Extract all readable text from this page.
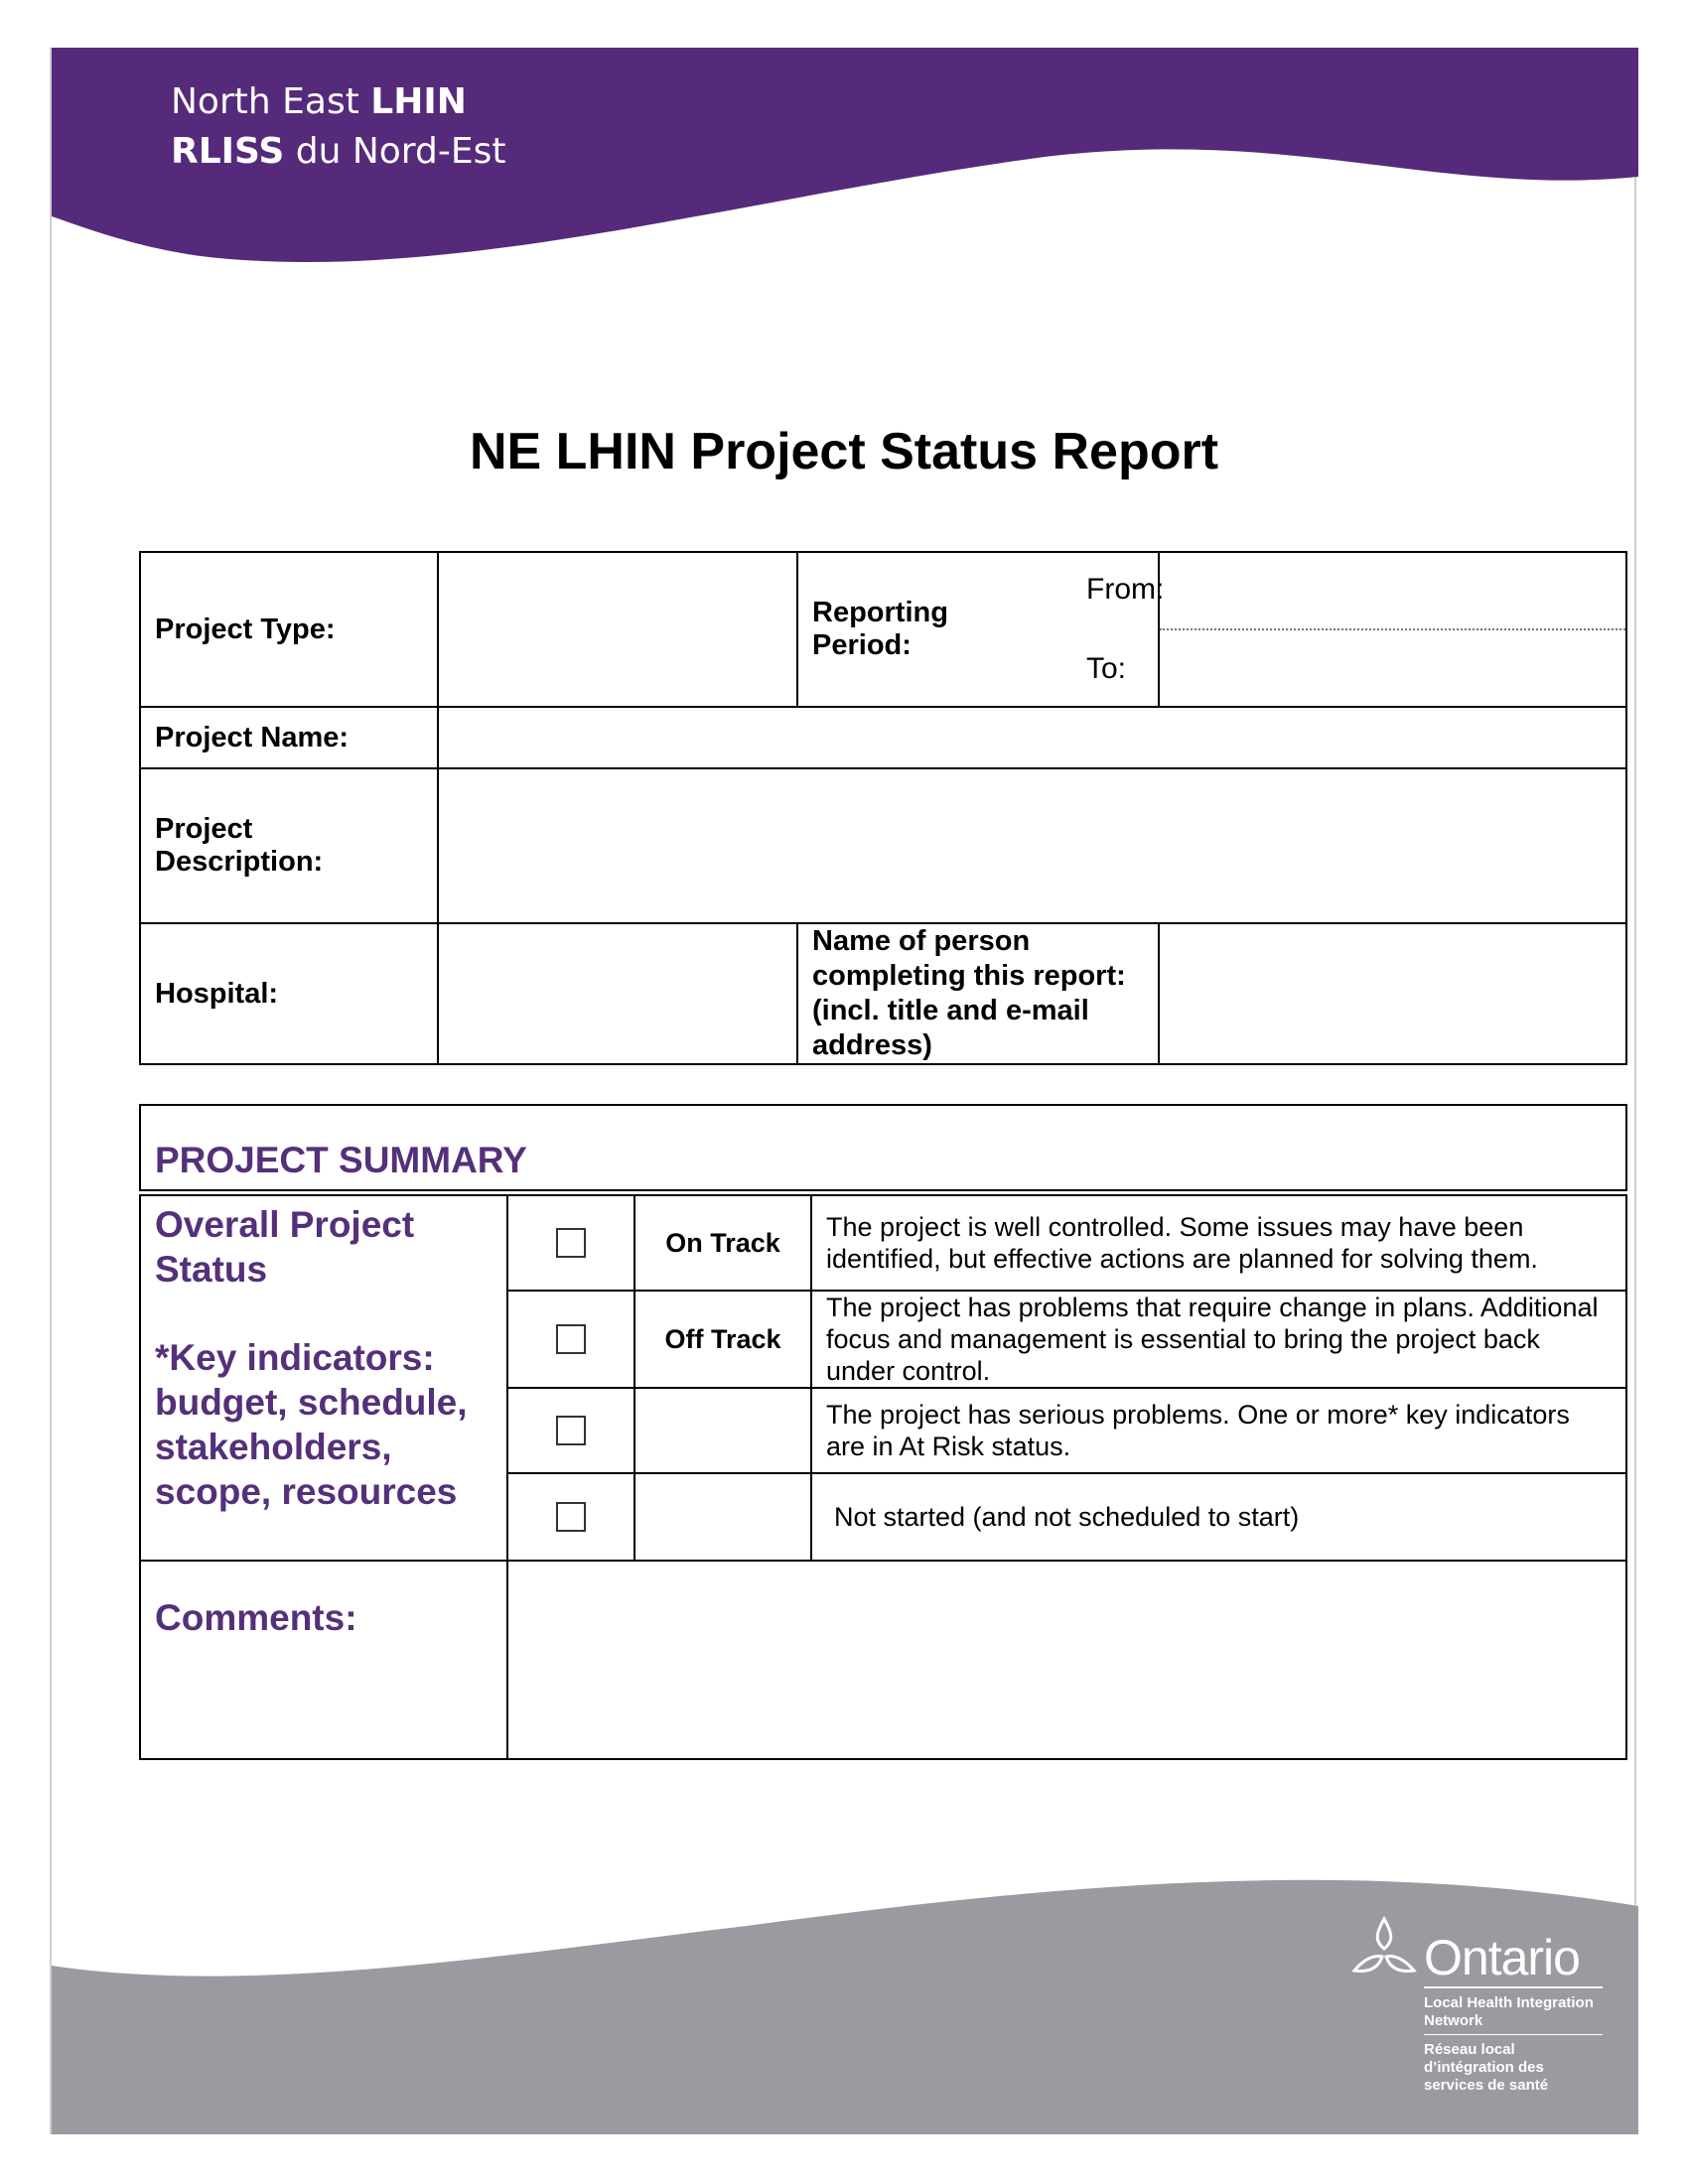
North East LHIN
RLISS du Nord-Est
Ontario
Local Health Integration Network
Réseau local d’intégration des services de santé
NE LHIN Project Status Report
Project Type:		Reporting Period:
From:
To:	

Project Name:			
Project Description:			
Hospital:		Name of person completing this report: (incl. title and e-mail address)	
PROJECT SUMMARY
Overall Project Status
*Key indicators: budget, schedule, stakeholders, scope, resources		On Track	The project is well controlled. Some issues may have been identified, but effective actions are planned for solving them.

		Off Track	The project has problems that require change in plans. Additional focus and management is essential to bring the project back under control.

			The project has serious problems. One or more* key indicators are in At Risk status.

			Not started (and not scheduled to start)
Comments:			
